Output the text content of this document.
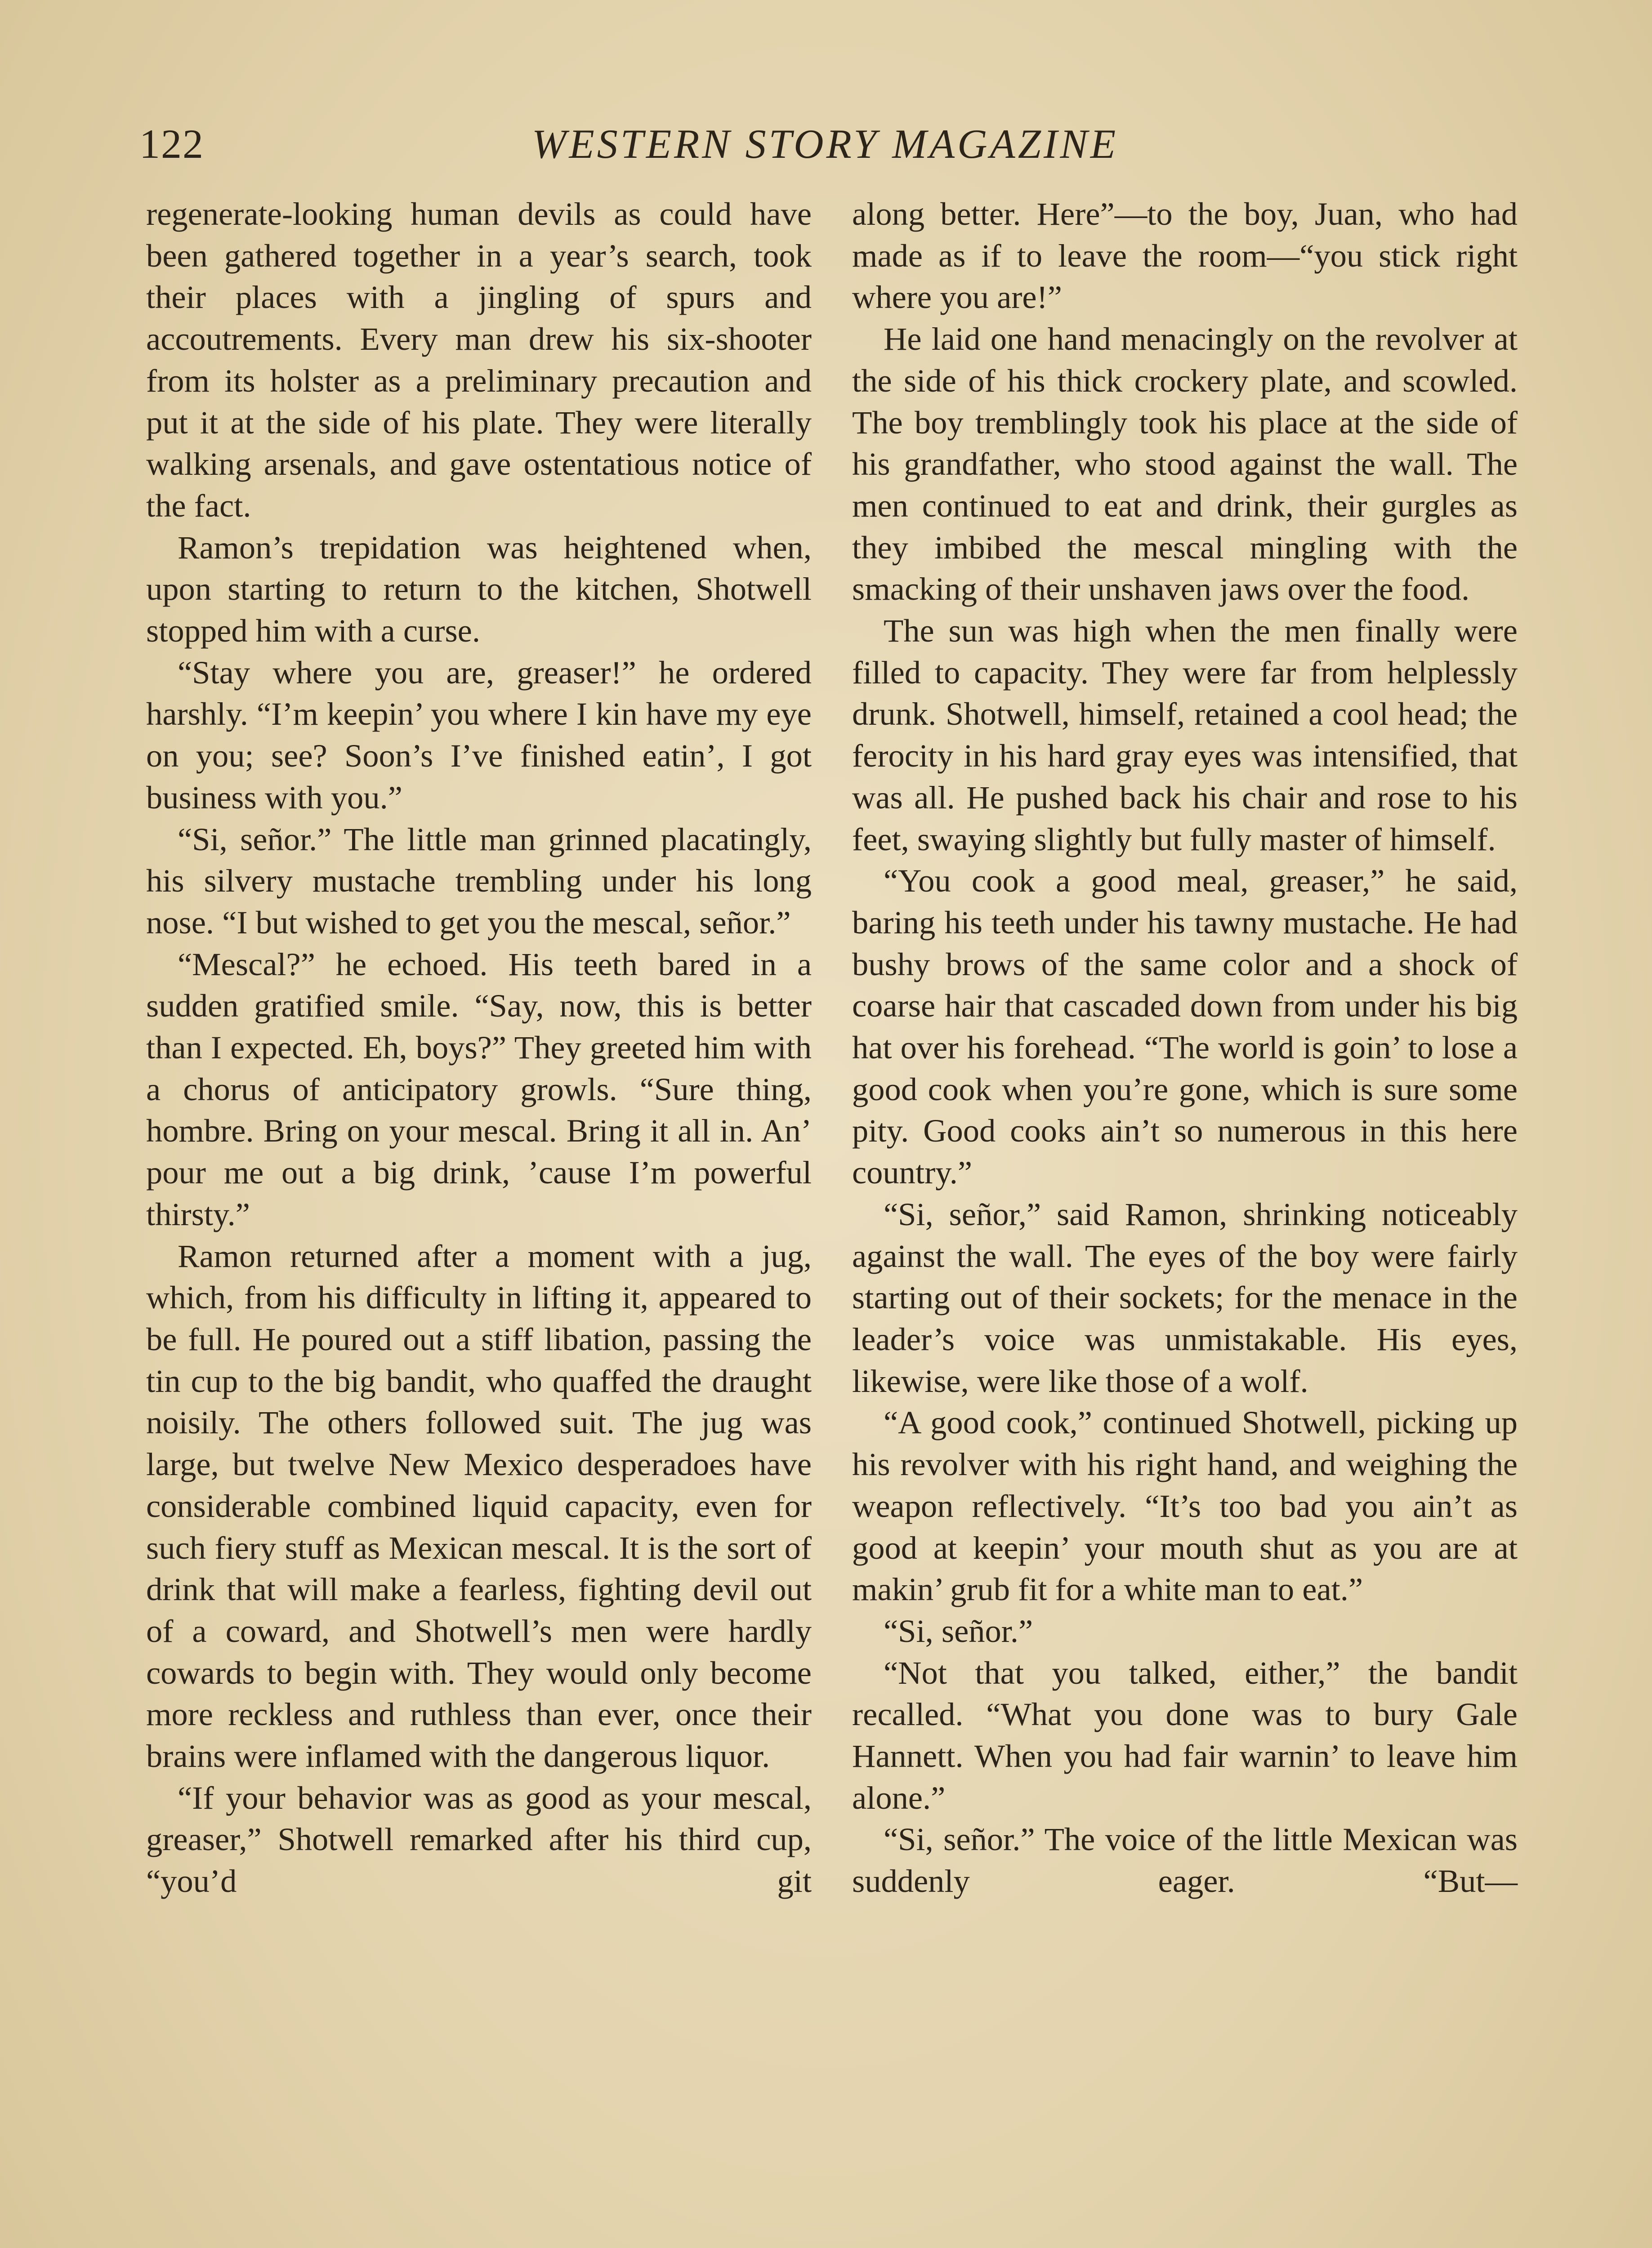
122	WESTERN STORY MAGAZINE

regenerate-looking human devils as could have been gathered together in a year’s search, took their places with a jingling of spurs and accoutrements. Every man drew his six-shooter from its holster as a preliminary precaution and put it at the side of his plate. They were literally walking arsenals, and gave ostentatious notice of the fact.

Ramon’s trepidation was heightened when, upon starting to return to the kitchen, Shotwell stopped him with a curse.

“Stay where you are, greaser!” he ordered harshly. “I’m keepin’ you where I kin have my eye on you; see? Soon’s I’ve finished eatin’, I got business with you.”

“Si, señor.” The little man grinned placatingly, his silvery mustache trembling under his long nose. “I but wished to get you the mescal, señor.”

“Mescal?” he echoed. His teeth bared in a sudden gratified smile. “Say, now, this is better than I expected. Eh, boys?” They greeted him with a chorus of anticipatory growls. “Sure thing, hombre. Bring on your mescal. Bring it all in. An’ pour me out a big drink, ’cause I’m powerful thirsty.”

Ramon returned after a moment with a jug, which, from his difficulty in lifting it, appeared to be full. He poured out a stiff libation, passing the tin cup to the big bandit, who quaffed the draught noisily. The others followed suit. The jug was large, but twelve New Mexico desperadoes have considerable combined liquid capacity, even for such fiery stuff as Mexican mescal. It is the sort of drink that will make a fearless, fighting devil out of a coward, and Shotwell’s men were hardly cowards to begin with. They would only become more reckless and ruthless than ever, once their brains were inflamed with the dangerous liquor.

“If your behavior was as good as your mescal, greaser,” Shotwell remarked after his third cup, “you’d git

along better. Here”—to the boy, Juan, who had made as if to leave the room—“you stick right where you are!”

He laid one hand menacingly on the revolver at the side of his thick crockery plate, and scowled. The boy tremblingly took his place at the side of his grandfather, who stood against the wall. The men continued to eat and drink, their gurgles as they imbibed the mescal mingling with the smacking of their unshaven jaws over the food.

The sun was high when the men finally were filled to capacity. They were far from helplessly drunk. Shotwell, himself, retained a cool head; the ferocity in his hard gray eyes was intensified, that was all. He pushed back his chair and rose to his feet, swaying slightly but fully master of himself.

“You cook a good meal, greaser,” he said, baring his teeth under his tawny mustache. He had bushy brows of the same color and a shock of coarse hair that cascaded down from under his big hat over his forehead. “The world is goin’ to lose a good cook when you’re gone, which is sure some pity. Good cooks ain’t so numerous in this here country.”

“Si, señor,” said Ramon, shrinking noticeably against the wall. The eyes of the boy were fairly starting out of their sockets; for the menace in the leader’s voice was unmistakable. His eyes, likewise, were like those of a wolf.

“A good cook,” continued Shotwell, picking up his revolver with his right hand, and weighing the weapon reflectively. “It’s too bad you ain’t as good at keepin’ your mouth shut as you are at makin’ grub fit for a white man to eat.”

“Si, señor.”

“Not that you talked, either,” the bandit recalled. “What you done was to bury Gale Hannett. When you had fair warnin’ to leave him alone.”

“Si, señor.” The voice of the little Mexican was suddenly eager. “But—
